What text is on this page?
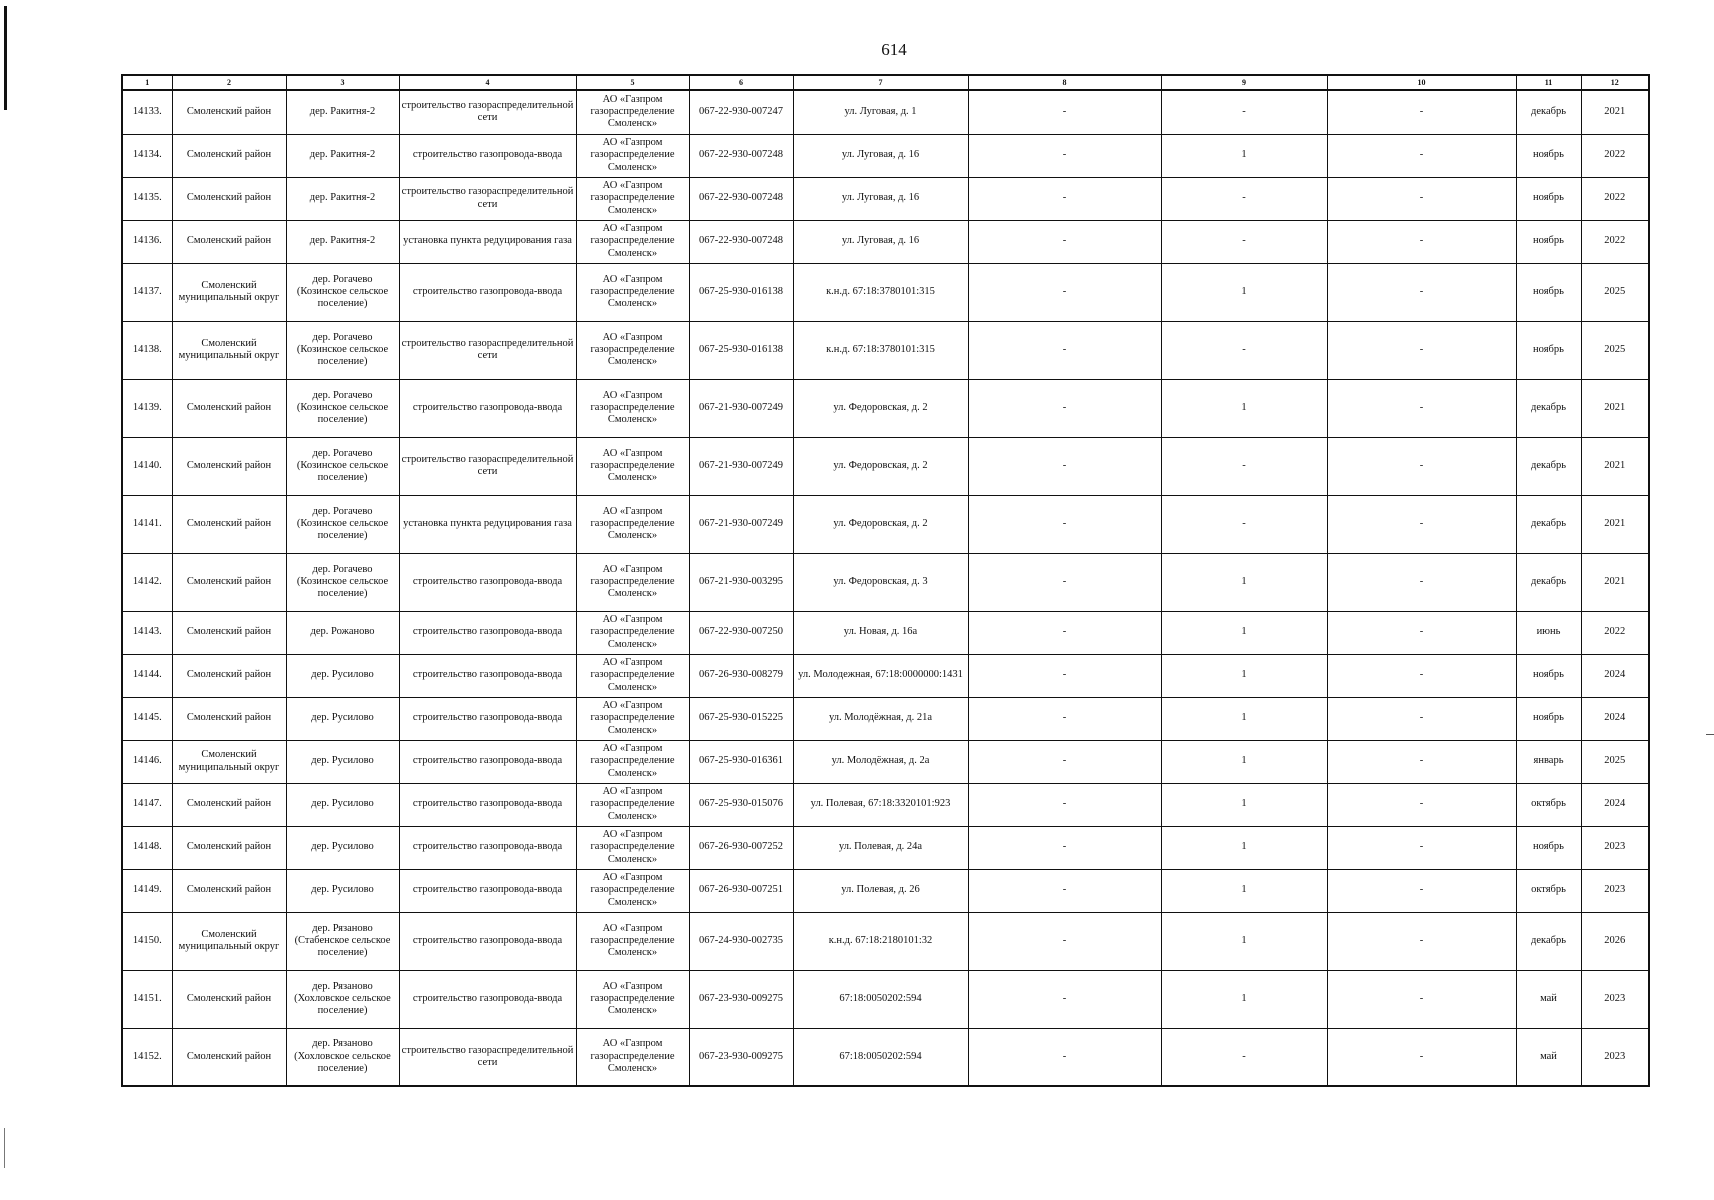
614
1	2	3	4	5	6	7	8	9	10	11	12
14133.	Смоленский район	дер. Ракитня-2	строительство газораспределительной сети	АО «Газпром газораспределение Смоленск»	067-22-930-007247	ул. Луговая, д. 1	-	-	-	декабрь	2021
14134.	Смоленский район	дер. Ракитня-2	строительство газопровода-ввода	АО «Газпром газораспределение Смоленск»	067-22-930-007248	ул. Луговая, д. 16	-	1	-	ноябрь	2022
14135.	Смоленский район	дер. Ракитня-2	строительство газораспределительной сети	АО «Газпром газораспределение Смоленск»	067-22-930-007248	ул. Луговая, д. 16	-	-	-	ноябрь	2022
14136.	Смоленский район	дер. Ракитня-2	установка пункта редуцирования газа	АО «Газпром газораспределение Смоленск»	067-22-930-007248	ул. Луговая, д. 16	-	-	-	ноябрь	2022
14137.	Смоленский муниципальный округ	дер. Рогачево (Козинское сельское поселение)	строительство газопровода-ввода	АО «Газпром газораспределение Смоленск»	067-25-930-016138	к.н.д. 67:18:3780101:315	-	1	-	ноябрь	2025
14138.	Смоленский муниципальный округ	дер. Рогачево (Козинское сельское поселение)	строительство газораспределительной сети	АО «Газпром газораспределение Смоленск»	067-25-930-016138	к.н.д. 67:18:3780101:315	-	-	-	ноябрь	2025
14139.	Смоленский район	дер. Рогачево (Козинское сельское поселение)	строительство газопровода-ввода	АО «Газпром газораспределение Смоленск»	067-21-930-007249	ул. Федоровская, д. 2	-	1	-	декабрь	2021
14140.	Смоленский район	дер. Рогачево (Козинское сельское поселение)	строительство газораспределительной сети	АО «Газпром газораспределение Смоленск»	067-21-930-007249	ул. Федоровская, д. 2	-	-	-	декабрь	2021
14141.	Смоленский район	дер. Рогачево (Козинское сельское поселение)	установка пункта редуцирования газа	АО «Газпром газораспределение Смоленск»	067-21-930-007249	ул. Федоровская, д. 2	-	-	-	декабрь	2021
14142.	Смоленский район	дер. Рогачево (Козинское сельское поселение)	строительство газопровода-ввода	АО «Газпром газораспределение Смоленск»	067-21-930-003295	ул. Федоровская, д. 3	-	1	-	декабрь	2021
14143.	Смоленский район	дер. Рожаново	строительство газопровода-ввода	АО «Газпром газораспределение Смоленск»	067-22-930-007250	ул. Новая, д. 16а	-	1	-	июнь	2022
14144.	Смоленский район	дер. Русилово	строительство газопровода-ввода	АО «Газпром газораспределение Смоленск»	067-26-930-008279	ул. Молодежная, 67:18:0000000:1431	-	1	-	ноябрь	2024
14145.	Смоленский район	дер. Русилово	строительство газопровода-ввода	АО «Газпром газораспределение Смоленск»	067-25-930-015225	ул. Молодёжная, д. 21а	-	1	-	ноябрь	2024
14146.	Смоленский муниципальный округ	дер. Русилово	строительство газопровода-ввода	АО «Газпром газораспределение Смоленск»	067-25-930-016361	ул. Молодёжная, д. 2а	-	1	-	январь	2025
14147.	Смоленский район	дер. Русилово	строительство газопровода-ввода	АО «Газпром газораспределение Смоленск»	067-25-930-015076	ул. Полевая, 67:18:3320101:923	-	1	-	октябрь	2024
14148.	Смоленский район	дер. Русилово	строительство газопровода-ввода	АО «Газпром газораспределение Смоленск»	067-26-930-007252	ул. Полевая, д. 24а	-	1	-	ноябрь	2023
14149.	Смоленский район	дер. Русилово	строительство газопровода-ввода	АО «Газпром газораспределение Смоленск»	067-26-930-007251	ул. Полевая, д. 26	-	1	-	октябрь	2023
14150.	Смоленский муниципальный округ	дер. Рязаново (Стабенское сельское поселение)	строительство газопровода-ввода	АО «Газпром газораспределение Смоленск»	067-24-930-002735	к.н.д. 67:18:2180101:32	-	1	-	декабрь	2026
14151.	Смоленский район	дер. Рязаново (Хохловское сельское поселение)	строительство газопровода-ввода	АО «Газпром газораспределение Смоленск»	067-23-930-009275	67:18:0050202:594	-	1	-	май	2023
14152.	Смоленский район	дер. Рязаново (Хохловское сельское поселение)	строительство газораспределительной сети	АО «Газпром газораспределение Смоленск»	067-23-930-009275	67:18:0050202:594	-	-	-	май	2023
